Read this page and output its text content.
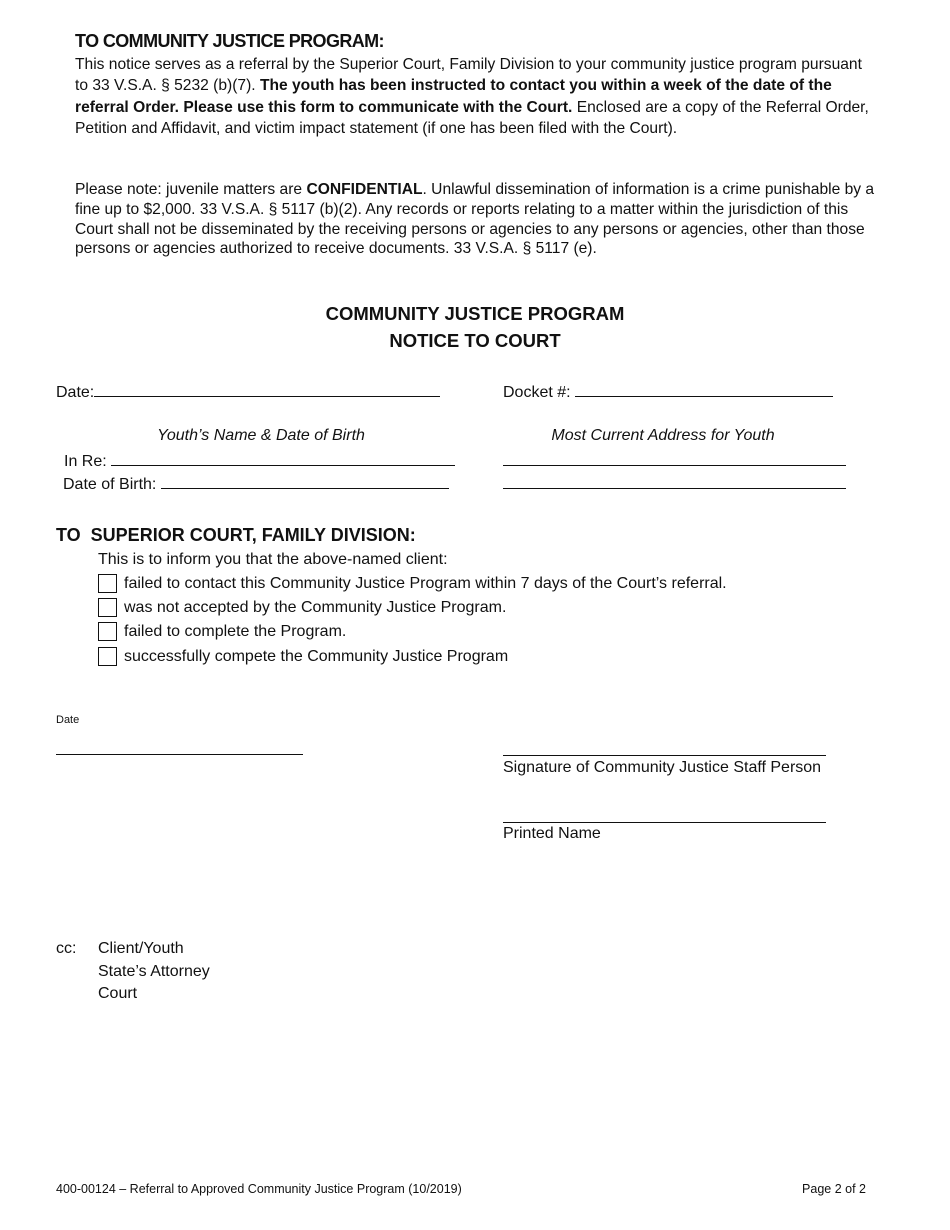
TO COMMUNITY JUSTICE PROGRAM:
This notice serves as a referral by the Superior Court, Family Division to your community justice program pursuant to 33 V.S.A. § 5232 (b)(7). The youth has been instructed to contact you within a week of the date of the referral Order. Please use this form to communicate with the Court. Enclosed are a copy of the Referral Order, Petition and Affidavit, and victim impact statement (if one has been filed with the Court).
Please note: juvenile matters are CONFIDENTIAL. Unlawful dissemination of information is a crime punishable by a fine up to $2,000. 33 V.S.A. § 5117 (b)(2). Any records or reports relating to a matter within the jurisdiction of this Court shall not be disseminated by the receiving persons or agencies to any persons or agencies, other than those persons or agencies authorized to receive documents. 33 V.S.A. § 5117 (e).
COMMUNITY JUSTICE PROGRAM
NOTICE TO COURT
Date:	Docket #:
Youth’s Name & Date of Birth	Most Current Address for Youth
In Re:
Date of Birth:
TO  SUPERIOR COURT, FAMILY DIVISION:
This is to inform you that the above-named client:
failed to contact this Community Justice Program within 7 days of the Court’s referral.
was not accepted by the Community Justice Program.
failed to complete the Program.
successfully compete the Community Justice Program
Date
Signature of Community Justice Staff Person
Printed Name
cc: Client/Youth
State’s Attorney
Court
400-00124 – Referral to Approved Community Justice Program (10/2019)	Page 2 of 2
